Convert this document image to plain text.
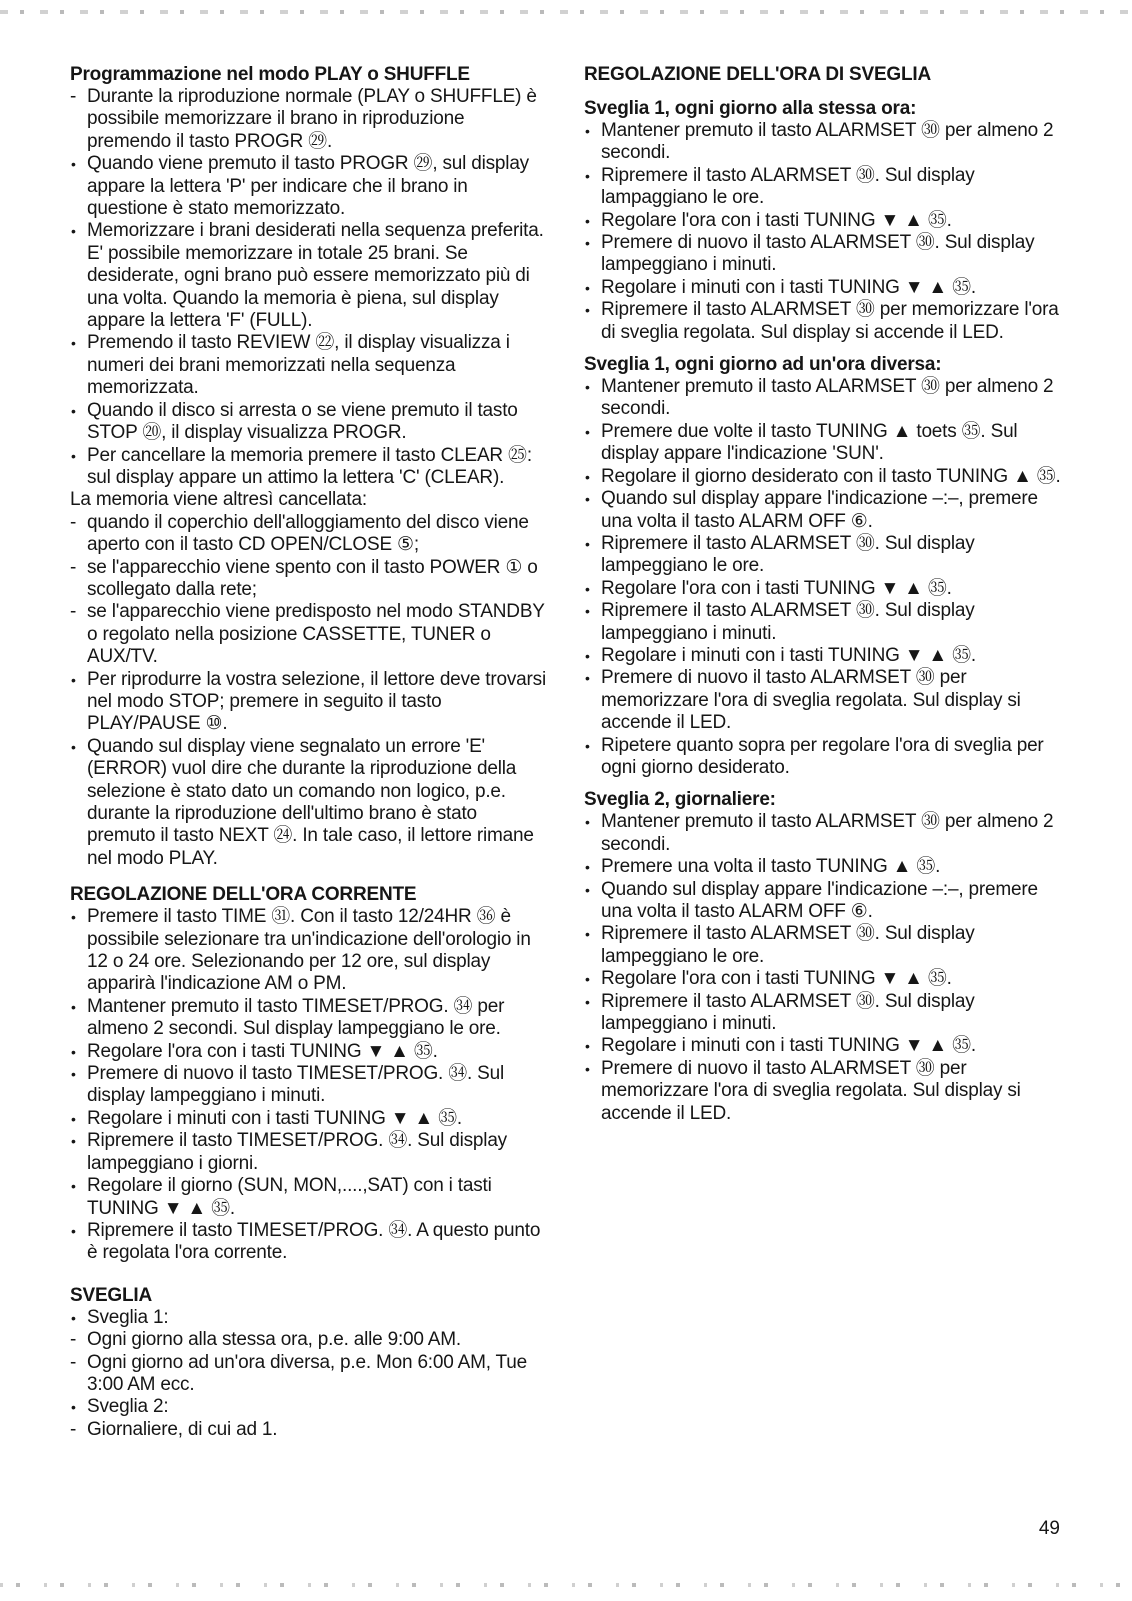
Programmazione nel modo PLAY o SHUFFLE
- Durante la riproduzione normale (PLAY o SHUFFLE) è possibile memorizzare il brano in riproduzione premendo il tasto PROGR ㉙.
• Quando viene premuto il tasto PROGR ㉙, sul display appare la lettera 'P' per indicare che il brano in questione è stato memorizzato.
• Memorizzare i brani desiderati nella sequenza preferita. E' possibile memorizzare in totale 25 brani. Se desiderate, ogni brano può essere memorizzato più di una volta. Quando la memoria è piena, sul display appare la lettera 'F' (FULL).
• Premendo il tasto REVIEW ㉒, il display visualizza i numeri dei brani memorizzati nella sequenza memorizzata.
• Quando il disco si arresta o se viene premuto il tasto STOP ⑳, il display visualizza PROGR.
• Per cancellare la memoria premere il tasto CLEAR ㉕: sul display appare un attimo la lettera 'C' (CLEAR).

La memoria viene altresì cancellata:

- quando il coperchio dell'alloggiamento del disco viene aperto con il tasto CD OPEN/CLOSE ⑤;
- se l'apparecchio viene spento con il tasto POWER ① o scollegato dalla rete;
- se l'apparecchio viene predisposto nel modo STANDBY o regolato nella posizione CASSETTE, TUNER o AUX/TV.
• Per riprodurre la vostra selezione, il lettore deve trovarsi nel modo STOP; premere in seguito il tasto PLAY/PAUSE ⑩.
• Quando sul display viene segnalato un errore 'E' (ERROR) vuol dire che durante la riproduzione della selezione è stato dato un comando non logico, p.e. durante la riproduzione dell'ultimo brano è stato premuto il tasto NEXT ㉔. In tale caso, il lettore rimane nel modo PLAY.
REGOLAZIONE DELL'ORA CORRENTE
• Premere il tasto TIME ㉛. Con il tasto 12/24HR ㊱ è possibile selezionare tra un'indicazione dell'orologio in 12 o 24 ore. Selezionando per 12 ore, sul display apparirà l'indicazione AM o PM.
• Mantener premuto il tasto TIMESET/PROG. ㉞ per almeno 2 secondi. Sul display lampeggiano le ore.
• Regolare l'ora con i tasti TUNING ▼ ▲ ㉟.
• Premere di nuovo il tasto TIMESET/PROG. ㉞. Sul display lampeggiano i minuti.
• Regolare i minuti con i tasti TUNING ▼ ▲ ㉟.
• Ripremere il tasto TIMESET/PROG. ㉞. Sul display lampeggiano i giorni.
• Regolare il giorno (SUN, MON,....,SAT) con i tasti TUNING ▼ ▲ ㉟.
• Ripremere il tasto TIMESET/PROG. ㉞. A questo punto è regolata l'ora corrente.
SVEGLIA
• Sveglia 1:
- Ogni giorno alla stessa ora, p.e. alle 9:00 AM.
- Ogni giorno ad un'ora diversa, p.e. Mon 6:00 AM, Tue 3:00 AM ecc.
• Sveglia 2:
- Giornaliere, di cui ad 1.
REGOLAZIONE DELL'ORA DI SVEGLIA
Sveglia 1, ogni giorno alla stessa ora:
• Mantener premuto il tasto ALARMSET ㉚ per almeno 2 secondi.
• Ripremere il tasto ALARMSET ㉚. Sul display lampaggiano le ore.
• Regolare l'ora con i tasti TUNING ▼ ▲ ㉟.
• Premere di nuovo il tasto ALARMSET ㉚. Sul display lampeggiano i minuti.
• Regolare i minuti con i tasti TUNING ▼ ▲ ㉟.
• Ripremere il tasto ALARMSET ㉚ per memorizzare l'ora di sveglia regolata. Sul display si accende il LED.
Sveglia 1, ogni giorno ad un'ora diversa:
• Mantener premuto il tasto ALARMSET ㉚ per almeno 2 secondi.
• Premere due volte il tasto TUNING ▲ toets ㉟. Sul display appare l'indicazione 'SUN'.
• Regolare il giorno desiderato con il tasto TUNING ▲ ㉟.
• Quando sul display appare l'indicazione –:–, premere una volta il tasto ALARM OFF ⑥.
• Ripremere il tasto ALARMSET ㉚. Sul display lampeggiano le ore.
• Regolare l'ora con i tasti TUNING ▼ ▲ ㉟.
• Ripremere il tasto ALARMSET ㉚. Sul display lampeggiano i minuti.
• Regolare i minuti con i tasti TUNING ▼ ▲ ㉟.
• Premere di nuovo il tasto ALARMSET ㉚ per memorizzare l'ora di sveglia regolata. Sul display si accende il LED.
• Ripetere quanto sopra per regolare l'ora di sveglia per ogni giorno desiderato.
Sveglia 2, giornaliere:
• Mantener premuto il tasto ALARMSET ㉚ per almeno 2 secondi.
• Premere una volta il tasto TUNING ▲ ㉟.
• Quando sul display appare l'indicazione –:–, premere una volta il tasto ALARM OFF ⑥.
• Ripremere il tasto ALARMSET ㉚. Sul display lampeggiano le ore.
• Regolare l'ora con i tasti TUNING ▼ ▲ ㉟.
• Ripremere il tasto ALARMSET ㉚. Sul display lampeggiano i minuti.
• Regolare i minuti con i tasti TUNING ▼ ▲ ㉟.
• Premere di nuovo il tasto ALARMSET ㉚ per memorizzare l'ora di sveglia regolata. Sul display si accende il LED.
49
